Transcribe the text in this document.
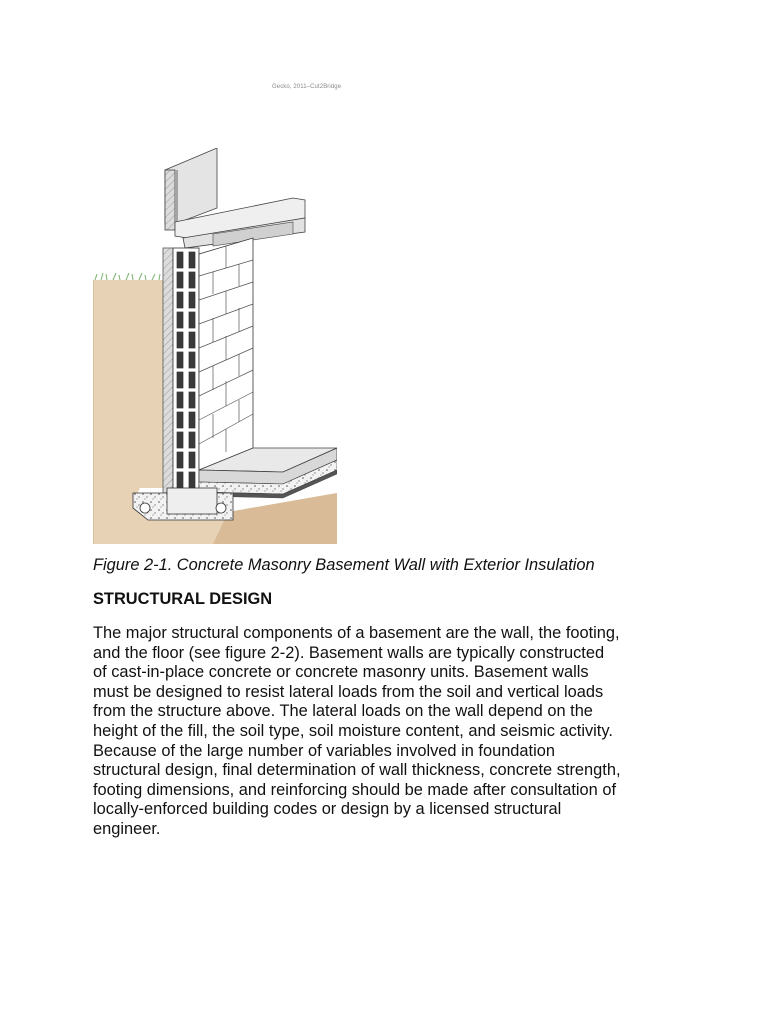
Gecko, 2011–Cut2Bridge
Figure 2-1. Concrete Masonry Basement Wall with Exterior Insulation
STRUCTURAL DESIGN
The major structural components of a basement are the wall, the footing,
and the floor (see figure 2-2). Basement walls are typically constructed
of cast-in-place concrete or concrete masonry units. Basement walls
must be designed to resist lateral loads from the soil and vertical loads
from the structure above. The lateral loads on the wall depend on the
height of the fill, the soil type, soil moisture content, and seismic activity.
Because of the large number of variables involved in foundation
structural design, final determination of wall thickness, concrete strength,
footing dimensions, and reinforcing should be made after consultation of
locally-enforced building codes or design by a licensed structural
engineer.
